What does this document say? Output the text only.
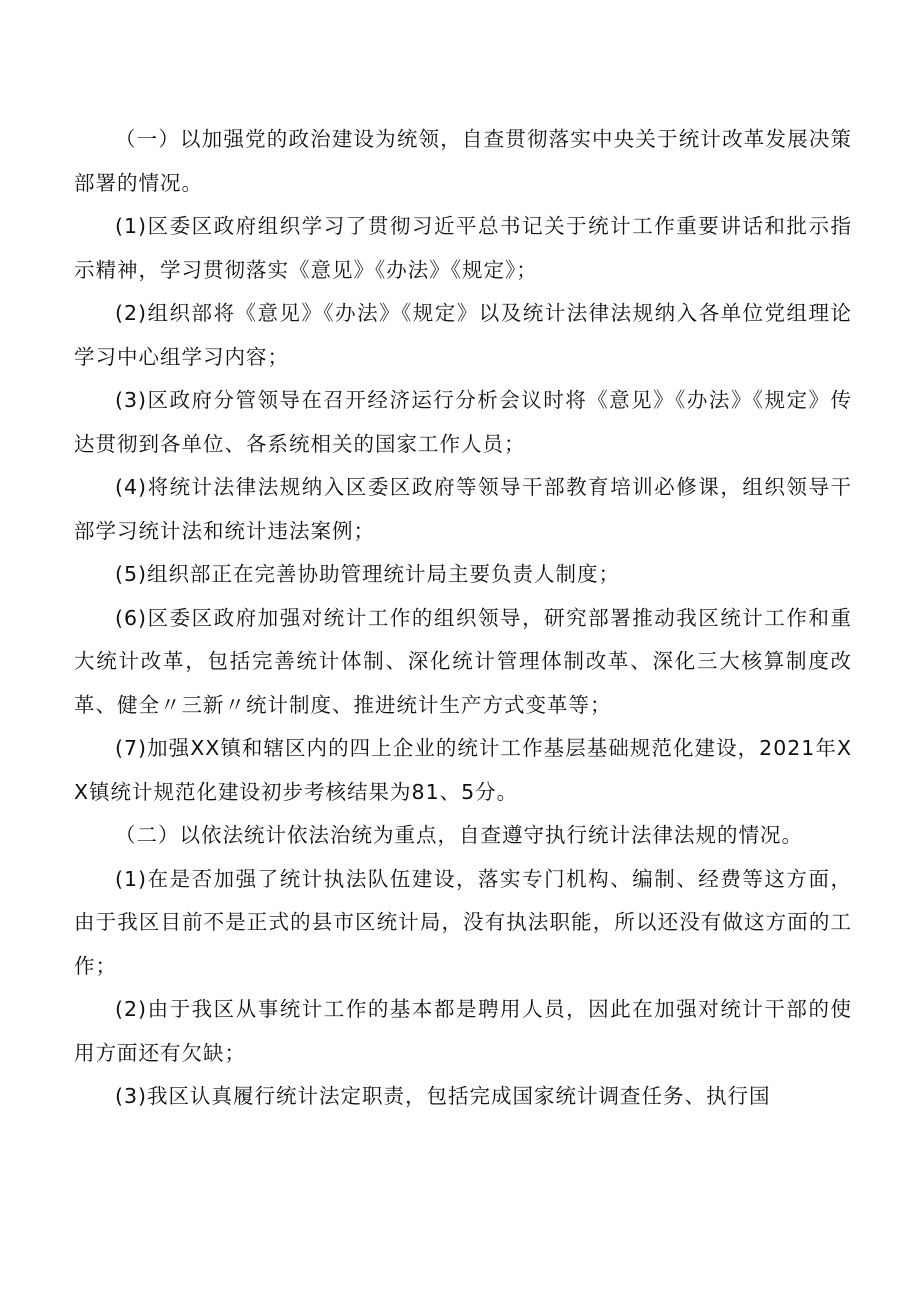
（一）以加强党的政治建设为统领，自查贯彻落实中央关于统计改革发展决策部署的情况。

(1)区委区政府组织学习了贯彻习近平总书记关于统计工作重要讲话和批示指示精神，学习贯彻落实《意见》《办法》《规定》；

(2)组织部将《意见》《办法》《规定》以及统计法律法规纳入各单位党组理论学习中心组学习内容；

(3)区政府分管领导在召开经济运行分析会议时将《意见》《办法》《规定》传达贯彻到各单位、各系统相关的国家工作人员；

(4)将统计法律法规纳入区委区政府等领导干部教育培训必修课，组织领导干部学习统计法和统计违法案例；

(5)组织部正在完善协助管理统计局主要负责人制度；

(6)区委区政府加强对统计工作的组织领导，研究部署推动我区统计工作和重大统计改革，包括完善统计体制、深化统计管理体制改革、深化三大核算制度改革、健全〃三新〃统计制度、推进统计生产方式变革等；

(7)加强XX镇和辖区内的四上企业的统计工作基层基础规范化建设，2021年XX镇统计规范化建设初步考核结果为81、5分。

（二）以依法统计依法治统为重点，自查遵守执行统计法律法规的情况。

(1)在是否加强了统计执法队伍建设，落实专门机构、编制、经费等这方面，由于我区目前不是正式的县市区统计局，没有执法职能，所以还没有做这方面的工作；

(2)由于我区从事统计工作的基本都是聘用人员，因此在加强对统计干部的使用方面还有欠缺；

(3)我区认真履行统计法定职责，包括完成国家统计调查任务、执行国
